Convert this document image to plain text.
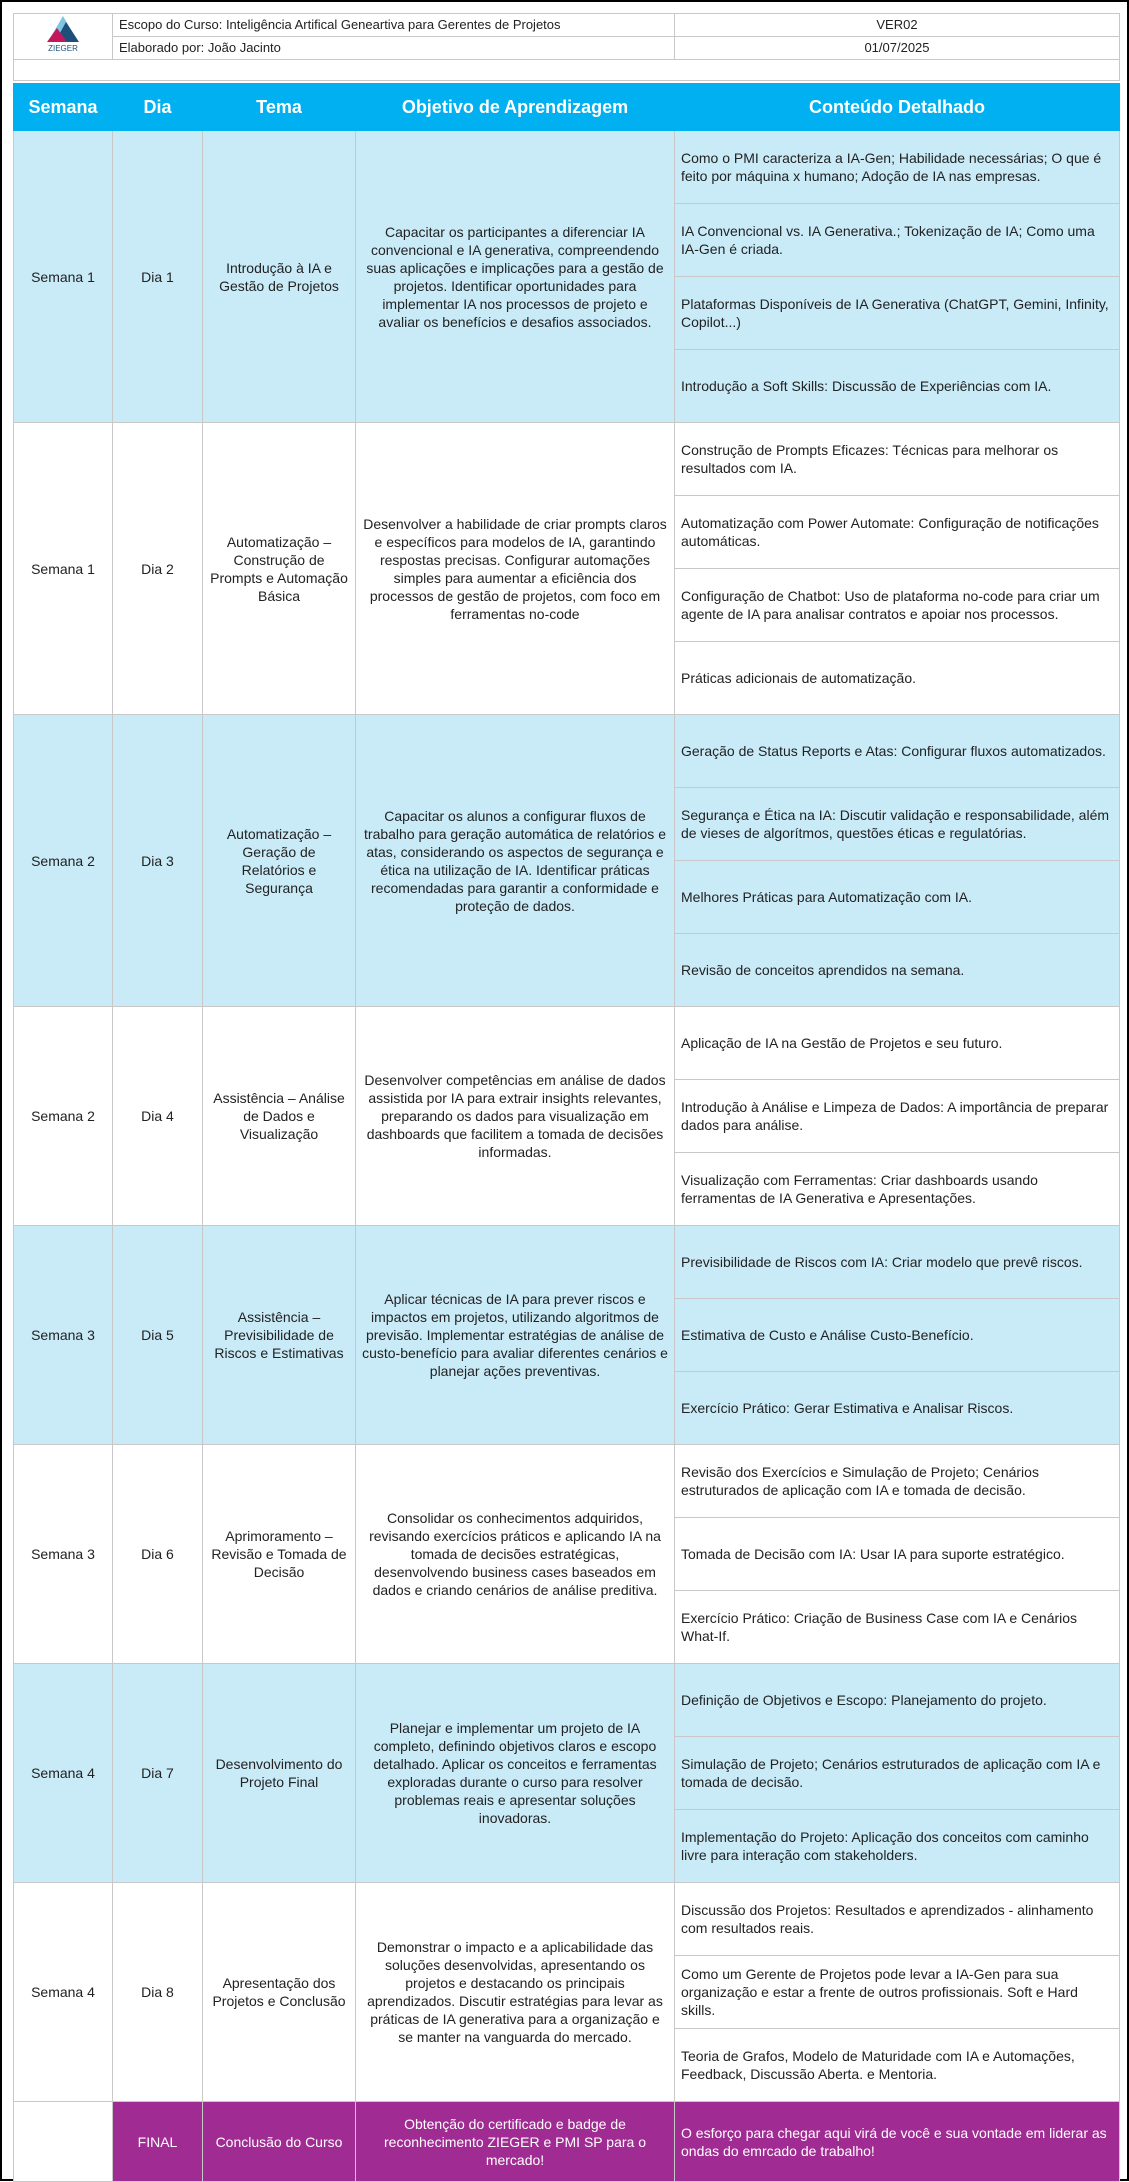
ZIEGER	Escopo do Curso: Inteligência Artifical Geneartiva para Gerentes de Projetos	VER02
	Elaborado por: João Jacinto	01/07/2025

Semana	Dia	Tema	Objetivo de Aprendizagem	Conteúdo Detalhado
Semana 1	Dia 1	Introdução à IA e Gestão de Projetos	Capacitar os participantes a diferenciar IA convencional e IA generativa, compreendendo suas aplicações e implicações para a gestão de projetos. Identificar oportunidades para implementar IA nos processos de projeto e avaliar os benefícios e desafios associados.	Como o PMI caracteriza a IA-Gen; Habilidade necessárias; O que é feito por máquina x humano; Adoção de IA nas empresas.
				IA Convencional vs. IA Generativa.; Tokenização de IA; Como uma IA-Gen é criada.
				Plataformas Disponíveis de IA Generativa (ChatGPT, Gemini, Infinity, Copilot...)
				Introdução a Soft Skills: Discussão de Experiências com IA.
Semana 1	Dia 2	Automatização – Construção de Prompts e Automação Básica	Desenvolver a habilidade de criar prompts claros e específicos para modelos de IA, garantindo respostas precisas. Configurar automações simples para aumentar a eficiência dos processos de gestão de projetos, com foco em ferramentas no-code	Construção de Prompts Eficazes: Técnicas para melhorar os resultados com IA.
				Automatização com Power Automate: Configuração de notificações automáticas.
				Configuração de Chatbot: Uso de plataforma no-code para criar um agente de IA para analisar contratos e apoiar nos processos.
				Práticas adicionais de automatização.
Semana 2	Dia 3	Automatização – Geração de Relatórios e Segurança	Capacitar os alunos a configurar fluxos de trabalho para geração automática de relatórios e atas, considerando os aspectos de segurança e ética na utilização de IA. Identificar práticas recomendadas para garantir a conformidade e proteção de dados.	Geração de Status Reports e Atas: Configurar fluxos automatizados.
				Segurança e Ética na IA: Discutir validação e responsabilidade, além de vieses de algorítmos, questões éticas e regulatórias.
				Melhores Práticas para Automatização com IA.
				Revisão de conceitos aprendidos na semana.
Semana 2	Dia 4	Assistência – Análise de Dados e Visualização	Desenvolver competências em análise de dados assistida por IA para extrair insights relevantes, preparando os dados para visualização em dashboards que facilitem a tomada de decisões informadas.	Aplicação de IA na Gestão de Projetos e seu futuro.
				Introdução à Análise e Limpeza de Dados: A importância de preparar dados para análise.
				Visualização com Ferramentas: Criar dashboards usando ferramentas de IA Generativa e Apresentações.
Semana 3	Dia 5	Assistência – Previsibilidade de Riscos e Estimativas	Aplicar técnicas de IA para prever riscos e impactos em projetos, utilizando algoritmos de previsão. Implementar estratégias de análise de custo-benefício para avaliar diferentes cenários e planejar ações preventivas.	Previsibilidade de Riscos com IA: Criar modelo que prevê riscos.
				Estimativa de Custo e Análise Custo-Benefício.
				Exercício Prático: Gerar Estimativa e Analisar Riscos.
Semana 3	Dia 6	Aprimoramento – Revisão e Tomada de Decisão	Consolidar os conhecimentos adquiridos, revisando exercícios práticos e aplicando IA na tomada de decisões estratégicas, desenvolvendo business cases baseados em dados e criando cenários de análise preditiva.	Revisão dos Exercícios e Simulação de Projeto; Cenários estruturados de aplicação com IA e tomada de decisão.
				Tomada de Decisão com IA: Usar IA para suporte estratégico.
				Exercício Prático: Criação de Business Case com IA e Cenários What-If.
Semana 4	Dia 7	Desenvolvimento do Projeto Final	Planejar e implementar um projeto de IA completo, definindo objetivos claros e escopo detalhado. Aplicar os conceitos e ferramentas exploradas durante o curso para resolver problemas reais e apresentar soluções inovadoras.	Definição de Objetivos e Escopo: Planejamento do projeto.
				Simulação de Projeto; Cenários estruturados de aplicação com IA e tomada de decisão.
				Implementação do Projeto: Aplicação dos conceitos com caminho livre para interação com stakeholders.
Semana 4	Dia 8	Apresentação dos Projetos e Conclusão	Demonstrar o impacto e a aplicabilidade das soluções desenvolvidas, apresentando os projetos e destacando os principais aprendizados. Discutir estratégias para levar as práticas de IA generativa para a organização e se manter na vanguarda do mercado.	Discussão dos Projetos: Resultados e aprendizados - alinhamento com resultados reais.
				Como um Gerente de Projetos pode levar a IA-Gen para sua organização e estar a frente de outros profissionais. Soft e Hard skills.
				Teoria de Grafos, Modelo de Maturidade com IA e Automações, Feedback, Discussão Aberta. e Mentoria.
	FINAL	Conclusão do Curso	Obtenção do certificado e badge de reconhecimento ZIEGER e PMI SP para o mercado!	O esforço para chegar aqui virá de você e sua vontade em liderar as ondas do emrcado de trabalho!
